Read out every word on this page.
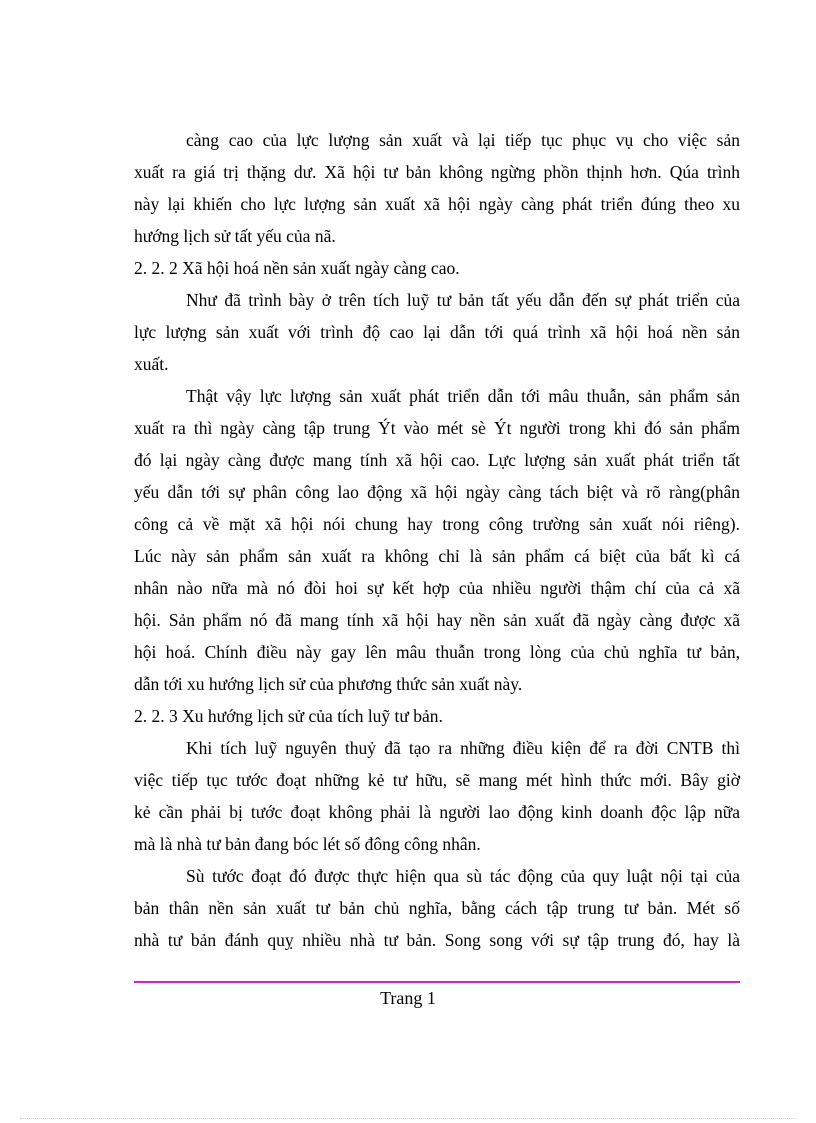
càng cao của lực lượng sản xuất và lại tiếp tục phục vụ cho việc sản
xuất ra giá trị thặng dư. Xã hội tư bản không ngừng phồn thịnh hơn. Qúa trình
này lại khiến cho lực lượng sản xuất xã hội ngày càng phát triển đúng theo xu
hướng lịch sử tất yếu của nã.
2. 2. 2 Xã hội hoá nền sản xuất ngày càng cao.
Như đã trình bày ở trên tích luỹ tư bản tất yếu dẫn đến sự phát triển của
lực lượng sản xuất với trình độ cao lại dẫn tới quá trình xã hội hoá nền sản
xuất.
Thật vậy lực lượng sản xuất phát triển dẫn tới mâu thuẫn, sản phẩm sản
xuất ra thì ngày càng tập trung Ýt vào mét sè Ýt người trong khi đó sản phẩm
đó lại ngày càng được mang tính xã hội cao. Lực lượng sản xuất phát triển tất
yếu dẫn tới sự phân công lao động xã hội ngày càng tách biệt và rõ ràng(phân
công cả về mặt xã hội nói chung hay trong công trường sản xuất nói riêng).
Lúc này sản phẩm sản xuất ra không chỉ là sản phẩm cá biệt của bất kì cá
nhân nào nữa mà nó đòi hoi sự kết hợp của nhiều người thậm chí của cả xã
hội. Sản phẩm nó đã mang tính xã hội hay nền sản xuất đã ngày càng được xã
hội hoá. Chính điều này gay lên mâu thuẫn trong lòng của chủ nghĩa tư bản,
dẫn tới xu hướng lịch sử của phương thức sản xuất này.
2. 2. 3 Xu hướng lịch sử của tích luỹ tư bản.
Khi tích luỹ nguyên thuỷ đã tạo ra những điều kiện để ra đời CNTB thì
việc tiếp tục tước đoạt những kẻ tư hữu, sẽ mang mét hình thức mới. Bây giờ
kẻ cần phải bị tước đoạt không phải là người lao động kinh doanh độc lập nữa
mà là nhà tư bản đang bóc lét số đông công nhân.
Sù tước đoạt đó được thực hiện qua sù tác động của quy luật nội tại của
bản thân nền sản xuất tư bản chủ nghĩa, bằng cách tập trung tư bản. Mét số
nhà tư bản đánh quỵ nhiều nhà tư bản. Song song với sự tập trung đó, hay là
Trang 1
